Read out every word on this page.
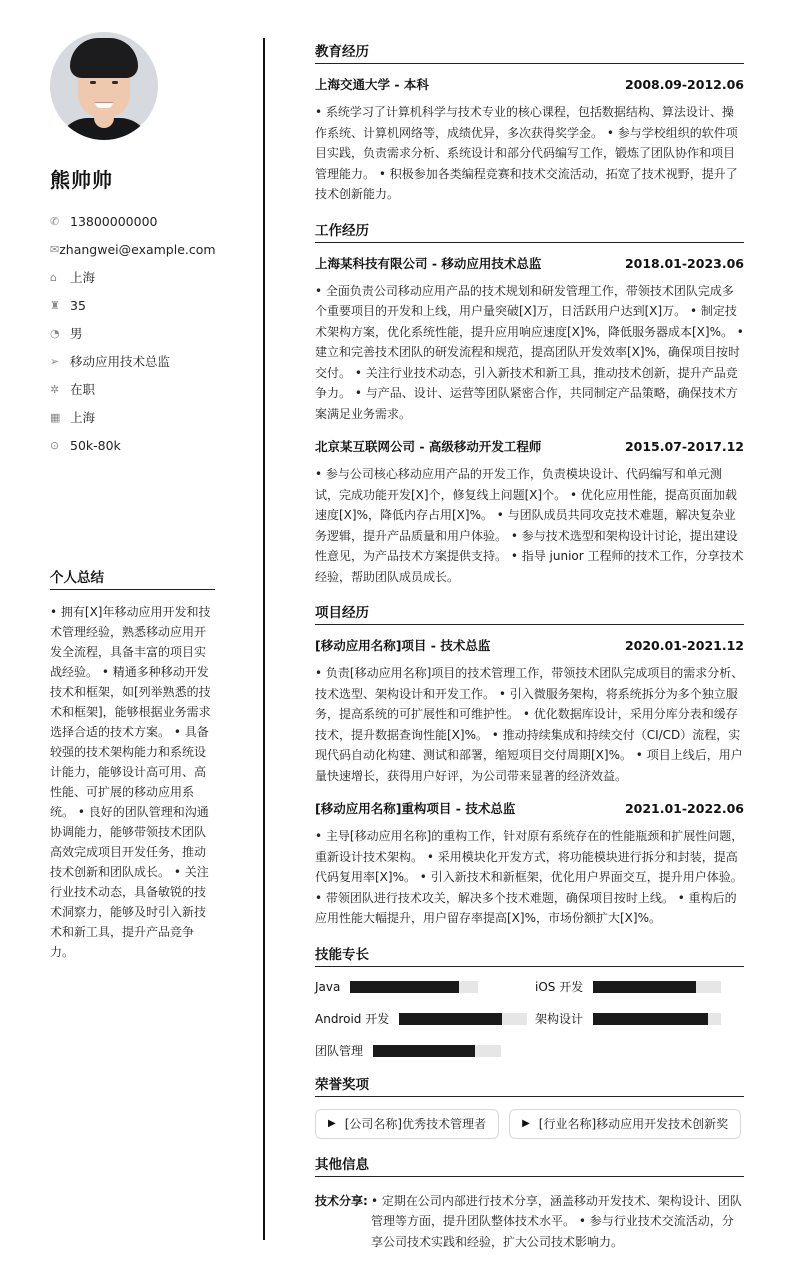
熊帅帅
✆ 13800000000
✉ zhangwei@example.com
⌂	上海
♜ 35
◔ 男
➢ 移动应用技术总监
✲ 在职
▦ 上海
⊙ 50k-80k
个人总结
• 拥有[X]年移动应用开发和技术管理经验，熟悉移动应用开发全流程，具备丰富的项目实战经验。 • 精通多种移动开发技术和框架，如[列举熟悉的技术和框架]，能够根据业务需求选择合适的技术方案。 • 具备较强的技术架构能力和系统设计能力，能够设计高可用、高性能、可扩展的移动应用系统。 • 良好的团队管理和沟通协调能力，能够带领技术团队高效完成项目开发任务，推动技术创新和团队成长。 • 关注行业技术动态，具备敏锐的技术洞察力，能够及时引入新技术和新工具，提升产品竞争力。
教育经历
上海交通大学 - 本科	2008.09-2012.06
• 系统学习了计算机科学与技术专业的核心课程，包括数据结构、算法设计、操作系统、计算机网络等，成绩优异，多次获得奖学金。 • 参与学校组织的软件项目实践，负责需求分析、系统设计和部分代码编写工作，锻炼了团队协作和项目管理能力。 • 积极参加各类编程竞赛和技术交流活动，拓宽了技术视野，提升了技术创新能力。
工作经历
上海某科技有限公司 - 移动应用技术总监	2018.01-2023.06
• 全面负责公司移动应用产品的技术规划和研发管理工作，带领技术团队完成多个重要项目的开发和上线，用户量突破[X]万，日活跃用户达到[X]万。 • 制定技术架构方案，优化系统性能，提升应用响应速度[X]%，降低服务器成本[X]%。 • 建立和完善技术团队的研发流程和规范，提高团队开发效率[X]%，确保项目按时交付。 • 关注行业技术动态，引入新技术和新工具，推动技术创新，提升产品竞争力。 • 与产品、设计、运营等团队紧密合作，共同制定产品策略，确保技术方案满足业务需求。
北京某互联网公司 - 高级移动开发工程师	2015.07-2017.12
• 参与公司核心移动应用产品的开发工作，负责模块设计、代码编写和单元测试，完成功能开发[X]个，修复线上问题[X]个。 • 优化应用性能，提高页面加载速度[X]%，降低内存占用[X]%。 • 与团队成员共同攻克技术难题，解决复杂业务逻辑，提升产品质量和用户体验。 • 参与技术选型和架构设计讨论，提出建设性意见，为产品技术方案提供支持。 • 指导 junior 工程师的技术工作，分享技术经验，帮助团队成员成长。
项目经历
[移动应用名称]项目 - 技术总监	2020.01-2021.12
• 负责[移动应用名称]项目的技术管理工作，带领技术团队完成项目的需求分析、技术选型、架构设计和开发工作。 • 引入微服务架构，将系统拆分为多个独立服务，提高系统的可扩展性和可维护性。 • 优化数据库设计，采用分库分表和缓存技术，提升数据查询性能[X]%。 • 推动持续集成和持续交付（CI/CD）流程，实现代码自动化构建、测试和部署，缩短项目交付周期[X]%。 • 项目上线后，用户量快速增长，获得用户好评，为公司带来显著的经济效益。
[移动应用名称]重构项目 - 技术总监	2021.01-2022.06
• 主导[移动应用名称]的重构工作，针对原有系统存在的性能瓶颈和扩展性问题，重新设计技术架构。 • 采用模块化开发方式，将功能模块进行拆分和封装，提高代码复用率[X]%。 • 引入新技术和新框架，优化用户界面交互，提升用户体验。 • 带领团队进行技术攻关，解决多个技术难题，确保项目按时上线。 • 重构后的应用性能大幅提升，用户留存率提高[X]%，市场份额扩大[X]%。
技能专长
Java	iOS 开发
Android 开发	架构设计
团队管理
荣誉奖项
▶ [公司名称]优秀技术管理者	▶ [行业名称]移动应用开发技术创新奖
其他信息
技术分享: • 定期在公司内部进行技术分享，涵盖移动开发技术、架构设计、团队管理等方面，提升团队整体技术水平。 • 参与行业技术交流活动，分享公司技术实践和经验，扩大公司技术影响力。
